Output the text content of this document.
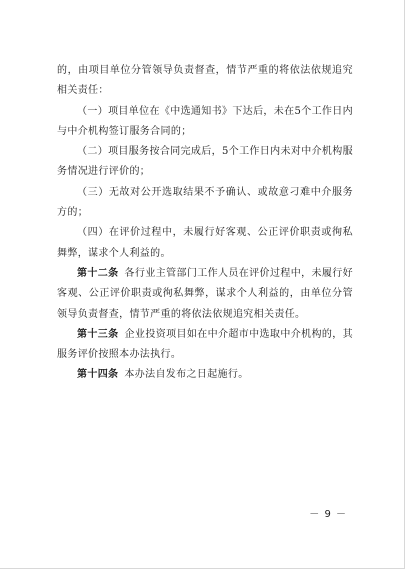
的，由项目单位分管领导负责督查，情节严重的将依法依规追究相关责任：

（一）项目单位在《中选通知书》下达后，未在5个工作日内与中介机构签订服务合同的；

（二）项目服务按合同完成后，5个工作日内未对中介机构服务情况进行评价的；

（三）无故对公开选取结果不予确认、或故意刁难中介服务方的；

（四）在评价过程中，未履行好客观、公正评价职责或徇私舞弊，谋求个人利益的。

第十二条 各行业主管部门工作人员在评价过程中，未履行好客观、公正评价职责或徇私舞弊，谋求个人利益的，由单位分管领导负责督查，情节严重的将依法依规追究相关责任。

第十三条 企业投资项目如在中介超市中选取中介机构的，其服务评价按照本办法执行。

第十四条 本办法自发布之日起施行。

－ 9 －
